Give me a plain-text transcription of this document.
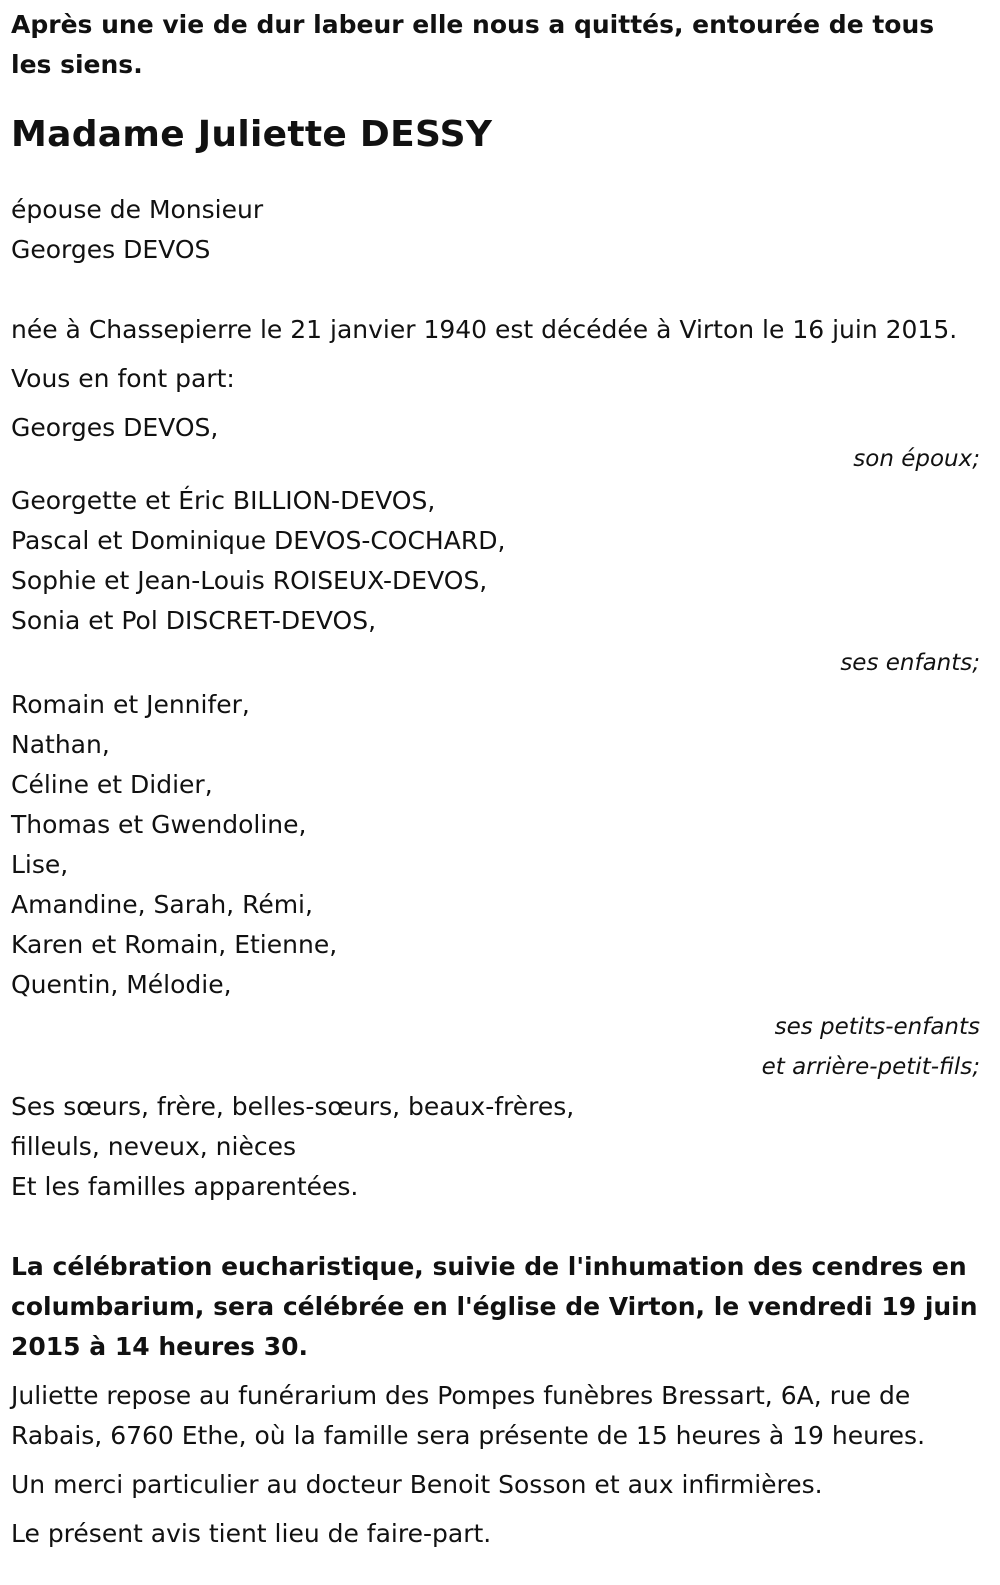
Après une vie de dur labeur elle nous a quittés, entourée de tous les siens.

Madame Juliette DESSY

épouse de Monsieur
Georges DEVOS

née à Chassepierre le 21 janvier 1940 est décédée à Virton le 16 juin 2015.

Vous en font part:

Georges DEVOS,

son époux;

Georgette et Éric BILLION-DEVOS,
Pascal et Dominique DEVOS-COCHARD,
Sophie et Jean-Louis ROISEUX-DEVOS,
Sonia et Pol DISCRET-DEVOS,

ses enfants;

Romain et Jennifer,
Nathan,
Céline et Didier,
Thomas et Gwendoline,
Lise,
Amandine, Sarah, Rémi,
Karen et Romain, Etienne,
Quentin, Mélodie,

ses petits-enfants

et arrière-petit-fils;

Ses sœurs, frère, belles-sœurs, beaux-frères,
filleuls, neveux, nièces
Et les familles apparentées.

La célébration eucharistique, suivie de l'inhumation des cendres en columbarium, sera célébrée en l'église de Virton, le vendredi 19 juin 2015 à 14 heures 30.

Juliette repose au funérarium des Pompes funèbres Bressart, 6A, rue de Rabais, 6760 Ethe, où la famille sera présente de 15 heures à 19 heures.

Un merci particulier au docteur Benoit Sosson et aux infirmières.

Le présent avis tient lieu de faire-part.
